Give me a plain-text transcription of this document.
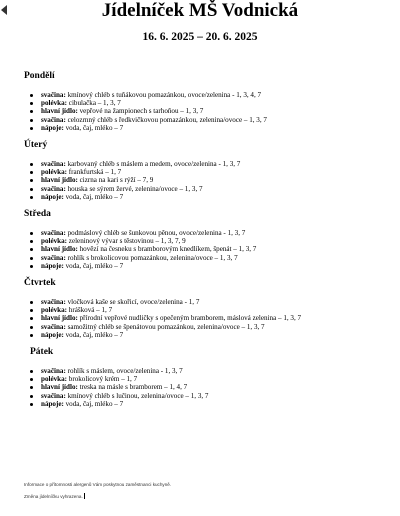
Jídelníček MŠ Vodnická
16. 6. 2025 – 20. 6. 2025
Pondělí
svačina: kmínový chléb s tuňákovou pomazánkou, ovoce/zelenina - 1, 3, 4, 7
polévka: cibulačka – 1, 3, 7
hlavní jídlo: vepřové na žampionech s tarhoňou – 1, 3, 7
svačina: celozrnný chléb s ředkvičkovou pomazánkou, zelenina/ovoce – 1, 3, 7
nápoje: voda, čaj, mléko – 7
Úterý
svačina: karbovaný chléb s máslem a medem, ovoce/zelenina - 1, 3, 7
polévka: frankfurtská – 1, 7
hlavní jídlo: cizrna na kari s rýží – 7, 9
svačina: houska se sýrem žervé, zelenina/ovoce – 1, 3, 7
nápoje: voda, čaj, mléko – 7
Středa
svačina: podmáslový chléb se šunkovou pěnou, ovoce/zelenina - 1, 3, 7
polévka: zeleninový vývar s těstovinou – 1, 3, 7, 9
hlavní jídlo: hovězí na česneku s bramborovým knedlíkem, špenát – 1, 3, 7
svačina: rohlík s brokolicovou pomazánkou, zelenina/ovoce – 1, 3, 7
nápoje: voda, čaj, mléko – 7
Čtvrtek
svačina: vločková kaše se skořicí, ovoce/zelenina - 1, 7
polévka: hrášková – 1, 7
hlavní jídlo: přírodní vepřové nudličky s opečeným bramborem, máslová zelenina – 1, 3, 7
svačina: samožitný chléb se špenátovou pomazánkou, zelenina/ovoce – 1, 3, 7
nápoje: voda, čaj, mléko – 7
Pátek
svačina: rohlík s máslem, ovoce/zelenina - 1, 3, 7
polévka: brokolicový krém – 1, 7
hlavní jídlo: treska na másle s bramborem – 1, 4, 7
svačina: kmínový chléb s lučinou, zelenina/ovoce – 1, 3, 7
nápoje: voda, čaj, mléko – 7
Informace o přítomnosti alergenů Vám poskytnou zaměstnanci kuchyně.
Změna jídelníčku vyhrazena.
